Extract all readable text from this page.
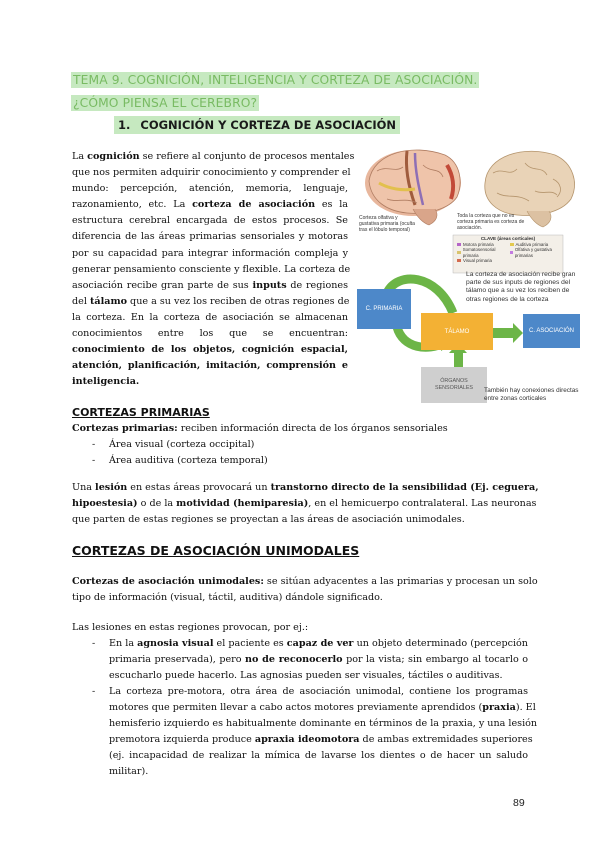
TEMA 9. COGNICIÓN, INTELIGENCIA Y CORTEZA DE ASOCIACIÓN.
¿CÓMO PIENSA EL CEREBRO?
1. COGNICIÓN Y CORTEZA DE ASOCIACIÓN
La cognición se refiere al conjunto de procesos mentales
que nos permiten adquirir conocimiento y comprender el
mundo: percepción, atención, memoria, lenguaje,
razonamiento, etc. La corteza de asociación es la
estructura cerebral encargada de estos procesos. Se
diferencia de las áreas primarias sensoriales y motoras
por su capacidad para integrar información compleja y
generar pensamiento consciente y flexible. La corteza de
asociación recibe gran parte de sus inputs de regiones
del tálamo que a su vez los reciben de otras regiones de
la corteza. En la corteza de asociación se almacenan
conocimientos entre los que se encuentran:
conocimiento de los objetos, cognición espacial,
atención, planificación, imitación, comprensión e
inteligencia.
Corteza olfativa y gustativa primaria (oculta tras el lóbulo temporal)
Toda la corteza que no es corteza primaria es corteza de asociación.
CLAVE (áreas corticales)
Motora primaria	Auditiva primaria
Somatosensorial primaria
Olfativa y gustativa primarias
Visual primaria
La corteza de asociación recibe gran
parte de sus inputs de regiones del
tálamo que a su vez los reciben de
otras regiones de la corteza
C. PRIMARIA
TÁLAMO	C. ASOCIACIÓN
ÓRGANOS
SENSORIALES También hay conexiones directas
entre zonas corticales
CORTEZAS PRIMARIAS
Cortezas primarias: reciben información directa de los órganos sensoriales
- Área visual (corteza occipital)
- Área auditiva (corteza temporal)
Una lesión en estas áreas provocará un transtorno directo de la sensibilidad (Ej. ceguera,
hipoestesia) o de la motividad (hemiparesia), en el hemicuerpo contralateral. Las neuronas
que parten de estas regiones se proyectan a las áreas de asociación unimodales.
CORTEZAS DE ASOCIACIÓN UNIMODALES
Cortezas de asociación unimodales: se sitúan adyacentes a las primarias y procesan un solo
tipo de información (visual, táctil, auditiva) dándole significado.
Las lesiones en estas regiones provocan, por ej.:
- En la agnosia visual el paciente es capaz de ver un objeto determinado (percepción
primaria preservada), pero no de reconocerlo por la vista; sin embargo al tocarlo o
escucharlo puede hacerlo. Las agnosias pueden ser visuales, táctiles o auditivas.
- La corteza pre-motora, otra área de asociación unimodal, contiene los programas
motores que permiten llevar a cabo actos motores previamente aprendidos (praxia). El
hemisferio izquierdo es habitualmente dominante en términos de la praxia, y una lesión
premotora izquierda produce apraxia ideomotora de ambas extremidades superiores
(ej. incapacidad de realizar la mímica de lavarse los dientes o de hacer un saludo
militar).
89
